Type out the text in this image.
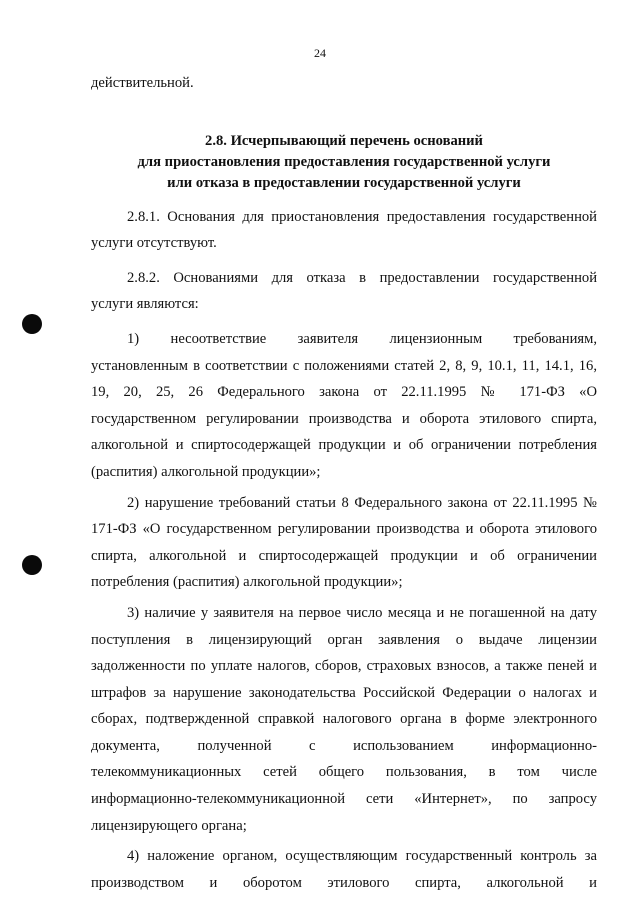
24

действительной.

2.8. Исчерпывающий перечень оснований
для приостановления предоставления государственной услуги
или отказа в предоставлении государственной услуги

2.8.1. Основания для приостановления предоставления государственной

услуги отсутствуют.

2.8.2. Основаниями для отказа в предоставлении государственной

услуги являются:

1) несоответствие заявителя лицензионным требованиям,

установленным в соответствии с положениями статей 2, 8, 9, 10.1, 11, 14.1, 16,

19, 20, 25, 26 Федерального закона от 22.11.1995 № 171-ФЗ «О

государственном регулировании производства и оборота этилового спирта,

алкогольной и спиртосодержащей продукции и об ограничении потребления

(распития) алкогольной продукции»;

2) нарушение требований статьи 8 Федерального закона от 22.11.1995 №

171-ФЗ «О государственном регулировании производства и оборота этилового

спирта, алкогольной и спиртосодержащей продукции и об ограничении

потребления (распития) алкогольной продукции»;

3) наличие у заявителя на первое число месяца и не погашенной на дату

поступления в лицензирующий орган заявления о выдаче лицензии

задолженности по уплате налогов, сборов, страховых взносов, а также пеней и

штрафов за нарушение законодательства Российской Федерации о налогах и

сборах, подтвержденной справкой налогового органа в форме электронного

документа, полученной с использованием информационно-

телекоммуникационных сетей общего пользования, в том числе

информационно-телекоммуникационной сети «Интернет», по запросу

лицензирующего органа;

4) наложение органом, осуществляющим государственный контроль за

производством и оборотом этилового спирта, алкогольной и
